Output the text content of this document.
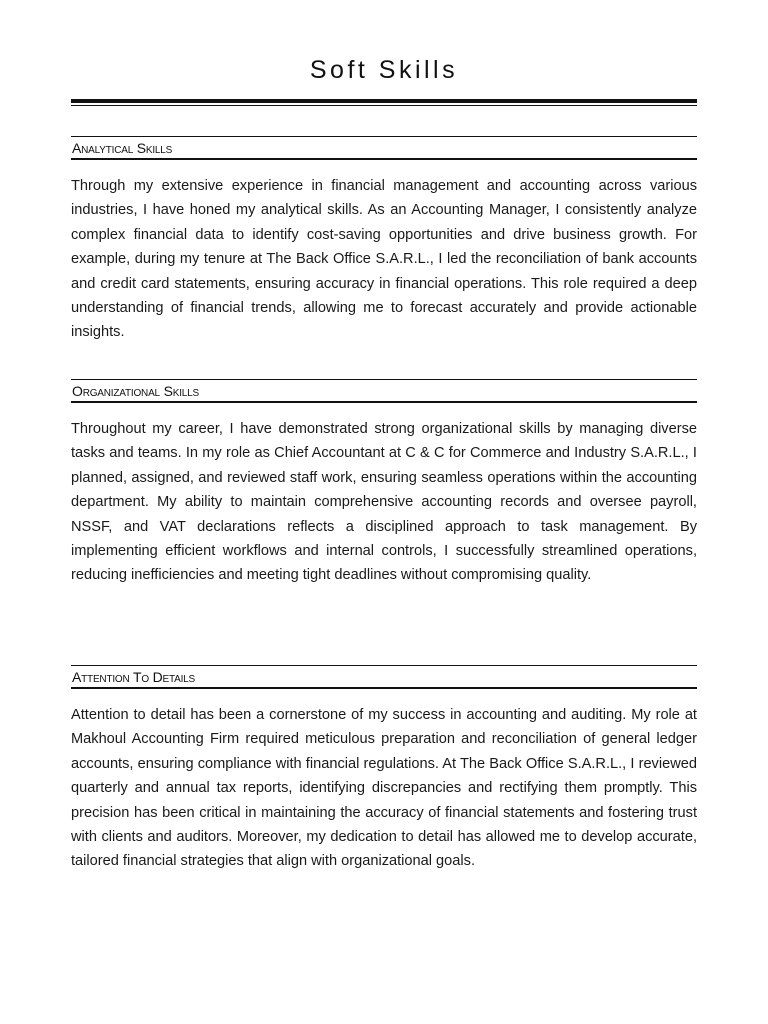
Soft Skills
Analytical Skills

Through my extensive experience in financial management and accounting across various industries, I have honed my analytical skills. As an Accounting Manager, I consistently analyze complex financial data to identify cost-saving opportunities and drive business growth. For example, during my tenure at The Back Office S.A.R.L., I led the reconciliation of bank accounts and credit card statements, ensuring accuracy in financial operations. This role required a deep understanding of financial trends, allowing me to forecast accurately and provide actionable insights.

Organizational Skills

Throughout my career, I have demonstrated strong organizational skills by managing diverse tasks and teams. In my role as Chief Accountant at C & C for Commerce and Industry S.A.R.L., I planned, assigned, and reviewed staff work, ensuring seamless operations within the accounting department. My ability to maintain comprehensive accounting records and oversee payroll, NSSF, and VAT declarations reflects a disciplined approach to task management. By implementing efficient workflows and internal controls, I successfully streamlined operations, reducing inefficiencies and meeting tight deadlines without compromising quality.

Attention To Details

Attention to detail has been a cornerstone of my success in accounting and auditing. My role at Makhoul Accounting Firm required meticulous preparation and reconciliation of general ledger accounts, ensuring compliance with financial regulations. At The Back Office S.A.R.L., I reviewed quarterly and annual tax reports, identifying discrepancies and rectifying them promptly. This precision has been critical in maintaining the accuracy of financial statements and fostering trust with clients and auditors. Moreover, my dedication to detail has allowed me to develop accurate, tailored financial strategies that align with organizational goals.
